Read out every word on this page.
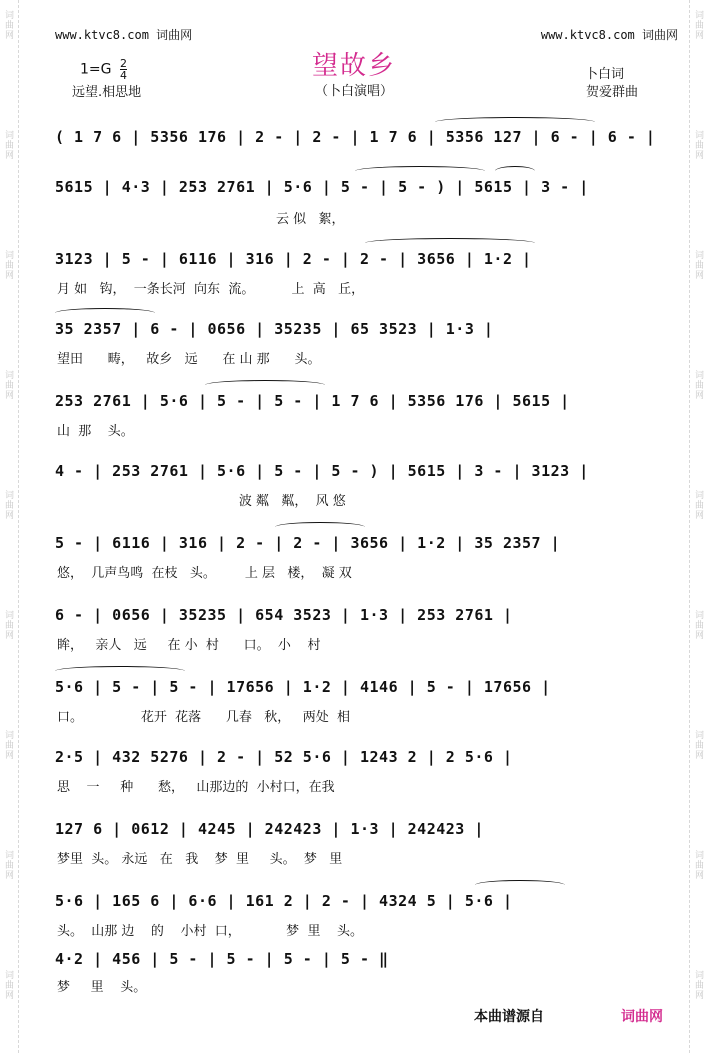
词曲网
词曲网
词曲网
词曲网
词曲网
词曲网
词曲网
词曲网
词曲网
词曲网
词曲网
词曲网
词曲网
词曲网
词曲网
词曲网
词曲网
词曲网
www.ktvc8.com 词曲网	www.ktvc8.com 词曲网
望故乡
（卜白演唱）
$1=G \frac{2}{4}$
远望.相思地
卜白词
贺爱群曲
( 1 7 6 | 5356 176 | 2 - | 2 - | 1 7 6 | 5356 127 | 6 - | 6 - |
5615 | 4·3 | 253 2761 | 5·6 | 5 - | 5 - ) | 5615 | 3 - |
云 似   絮，
3123 | 5 - | 6116 | 316 | 2 - | 2 - | 3656 | 1·2 |
月 如   钩，  一条长河  向东  流。         上  高   丘，
35 2357 | 6 - | 0656 | 35235 | 65 3523 | 1·3 |
望田      畴，   故乡   远      在 山 那      头。
253 2761 | 5·6 | 5 - | 5 - | 1 7 6 | 5356 176 | 5615 |
山  那    头。
4 - | 253 2761 | 5·6 | 5 - | 5 - ) | 5615 | 3 - | 3123 |
波 粼   粼，  风 悠
5 - | 6116 | 316 | 2 - | 2 - | 3656 | 1·2 | 35 2357 |
悠，  几声鸟鸣  在枝   头。       上 层   楼，  凝 双
6 - | 0656 | 35235 | 654 3523 | 1·3 | 253 2761 |
眸，   亲人   远     在 小  村      口。  小    村
5·6 | 5 - | 5 - | 17656 | 1·2 | 4146 | 5 - | 17656 |
口。              花开  花落      几春   秋，   两处  相
2·5 | 432 5276 | 2 - | 52 5·6 | 1243 2 | 2 5·6 |
思    一     种      愁，   山那边的  小村口，在我
127 6 | 0612 | 4245 | 242423 | 1·3 | 242423 |
梦里  头。 永远   在   我    梦  里     头。  梦   里
5·6 | 165 6 | 6·6 | 161 2 | 2 - | 4324 5 | 5·6 |
头。  山那 边    的    小村  口，           梦  里    头。
4·2 | 456 | 5 - | 5 - | 5 - | 5 - ‖
梦     里    头。
本曲谱源自	词曲网
